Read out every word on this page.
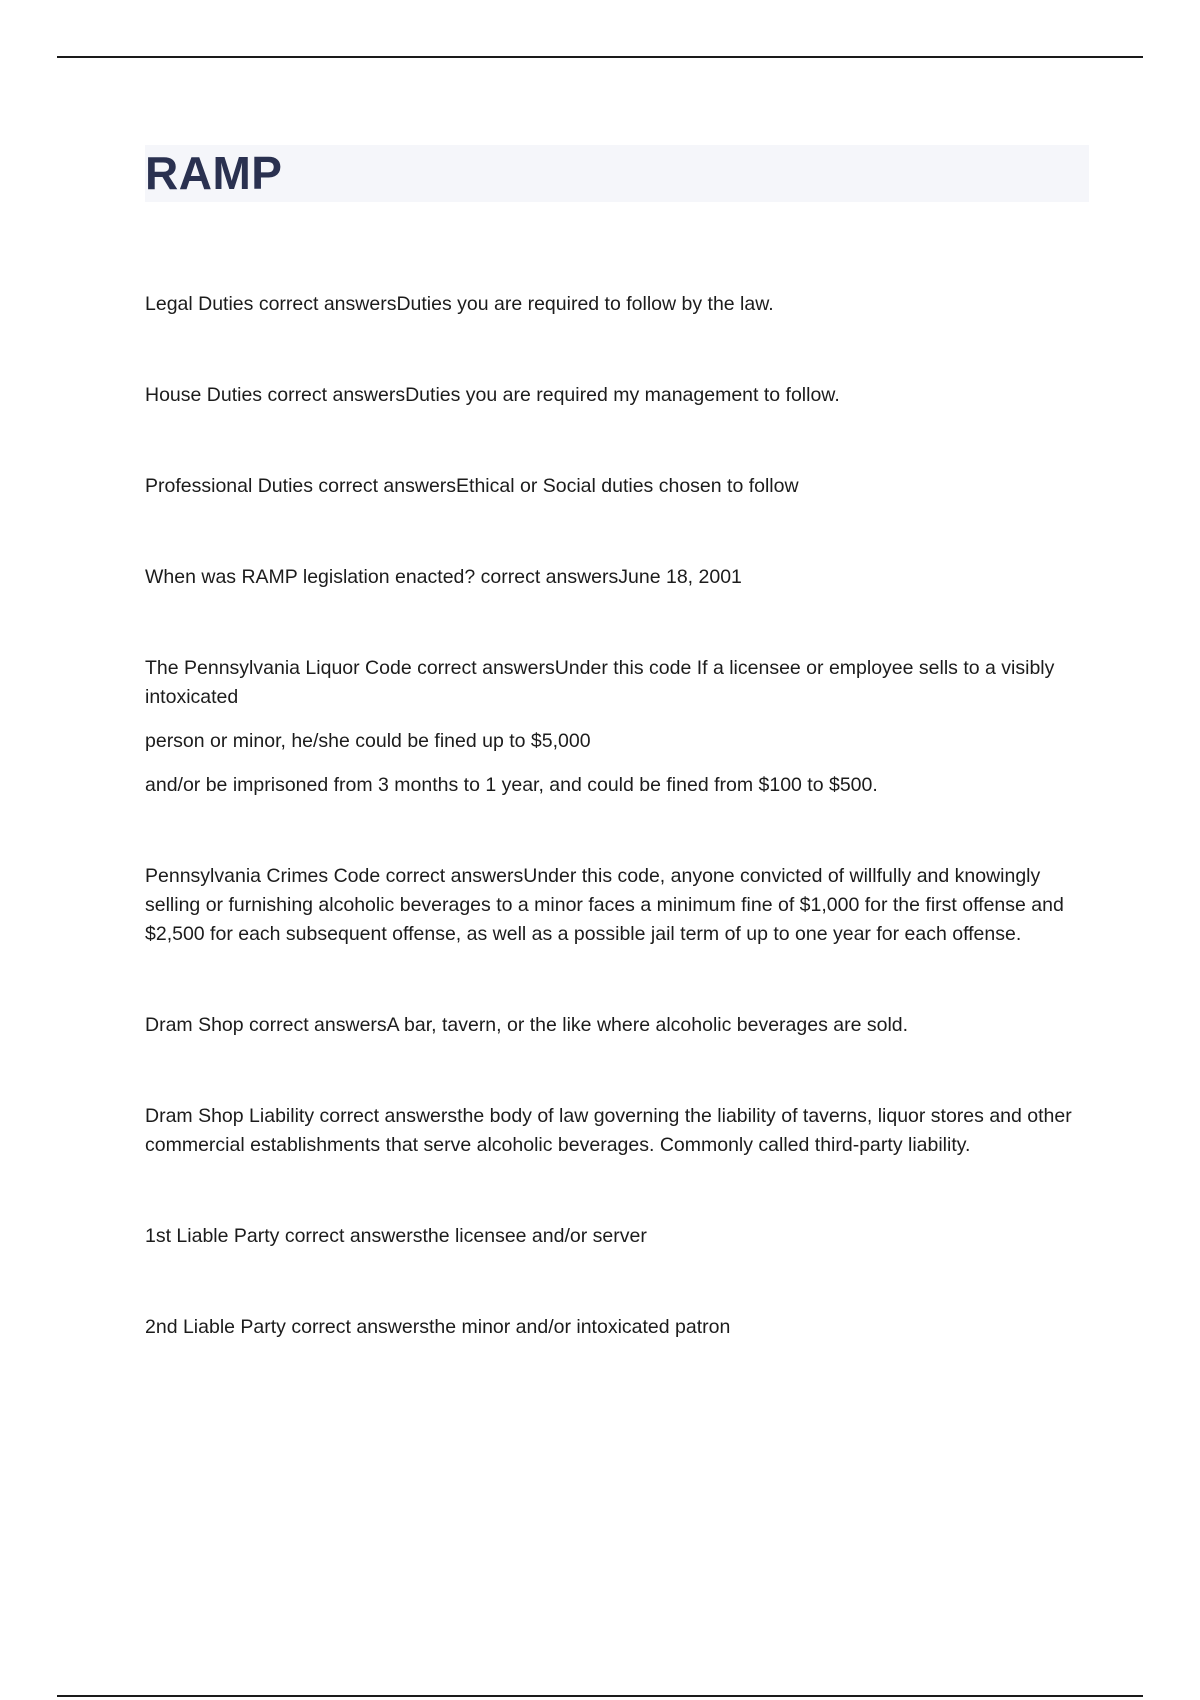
RAMP

Legal Duties correct answersDuties you are required to follow by the law.

House Duties correct answersDuties you are required my management to follow.

Professional Duties correct answersEthical or Social duties chosen to follow

When was RAMP legislation enacted? correct answersJune 18, 2001

The Pennsylvania Liquor Code correct answersUnder this code If a licensee or employee sells to a visibly intoxicated

person or minor, he/she could be fined up to $5,000

and/or be imprisoned from 3 months to 1 year, and could be fined from $100 to $500.

Pennsylvania Crimes Code correct answersUnder this code, anyone convicted of willfully and knowingly selling or furnishing alcoholic beverages to a minor faces a minimum fine of $1,000 for the first offense and $2,500 for each subsequent offense, as well as a possible jail term of up to one year for each offense.

Dram Shop correct answersA bar, tavern, or the like where alcoholic beverages are sold.

Dram Shop Liability correct answersthe body of law governing the liability of taverns, liquor stores and other commercial establishments that serve alcoholic beverages. Commonly called third-party liability.

1st Liable Party correct answersthe licensee and/or server

2nd Liable Party correct answersthe minor and/or intoxicated patron
